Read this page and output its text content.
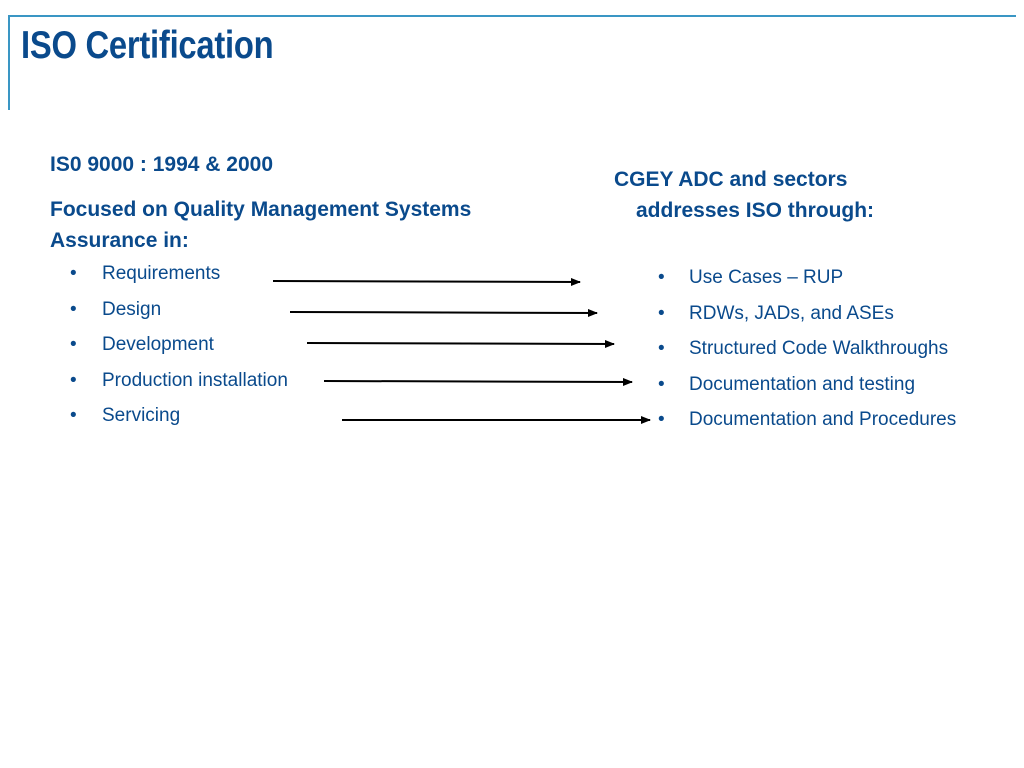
ISO Certification
IS0 9000 : 1994 & 2000
Focused on Quality Management Systems Assurance in:
• Requirements
• Design
• Development
• Production installation
• Servicing
CGEY ADC and sectors
addresses ISO through:
• Use Cases – RUP
• RDWs, JADs, and ASEs
• Structured Code Walkthroughs
• Documentation and testing
• Documentation and Procedures
